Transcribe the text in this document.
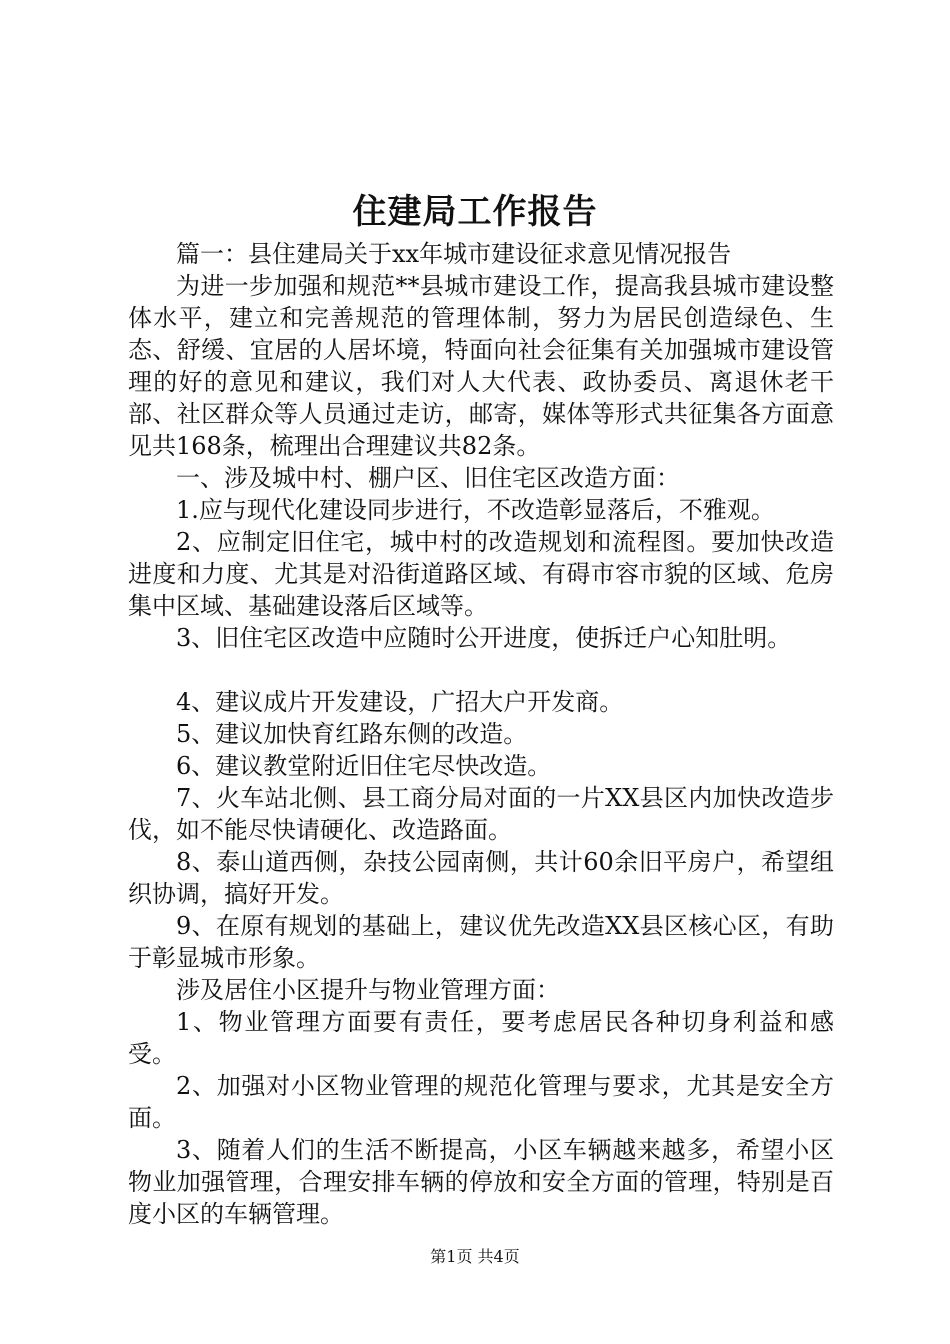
住建局工作报告

篇一：县住建局关于xx年城市建设征求意见情况报告

为进一步加强和规范**县城市建设工作，提高我县城市建设整体水平，建立和完善规范的管理体制，努力为居民创造绿色、生态、舒缓、宜居的人居坏境，特面向社会征集有关加强城市建设管理的好的意见和建议，我们对人大代表、政协委员、离退休老干部、社区群众等人员通过走访，邮寄，媒体等形式共征集各方面意见共168条，梳理出合理建议共82条。

一、涉及城中村、棚户区、旧住宅区改造方面：

1.应与现代化建设同步进行，不改造彰显落后，不雅观。

2、应制定旧住宅，城中村的改造规划和流程图。要加快改造进度和力度、尤其是对沿街道路区域、有碍市容市貌的区域、危房集中区域、基础建设落后区域等。

3、旧住宅区改造中应随时公开进度，使拆迁户心知肚明。

4、建议成片开发建设，广招大户开发商。

5、建议加快育红路东侧的改造。

6、建议教堂附近旧住宅尽快改造。

7、火车站北侧、县工商分局对面的一片XX县区内加快改造步伐，如不能尽快请硬化、改造路面。

8、泰山道西侧，杂技公园南侧，共计60余旧平房户，希望组织协调，搞好开发。

9、在原有规划的基础上，建议优先改造XX县区核心区，有助于彰显城市形象。

涉及居住小区提升与物业管理方面：

1、物业管理方面要有责任，要考虑居民各种切身利益和感受。

2、加强对小区物业管理的规范化管理与要求，尤其是安全方面。

3、随着人们的生活不断提高，小区车辆越来越多，希望小区物业加强管理，合理安排车辆的停放和安全方面的管理，特别是百度小区的车辆管理。

第1页 共4页
